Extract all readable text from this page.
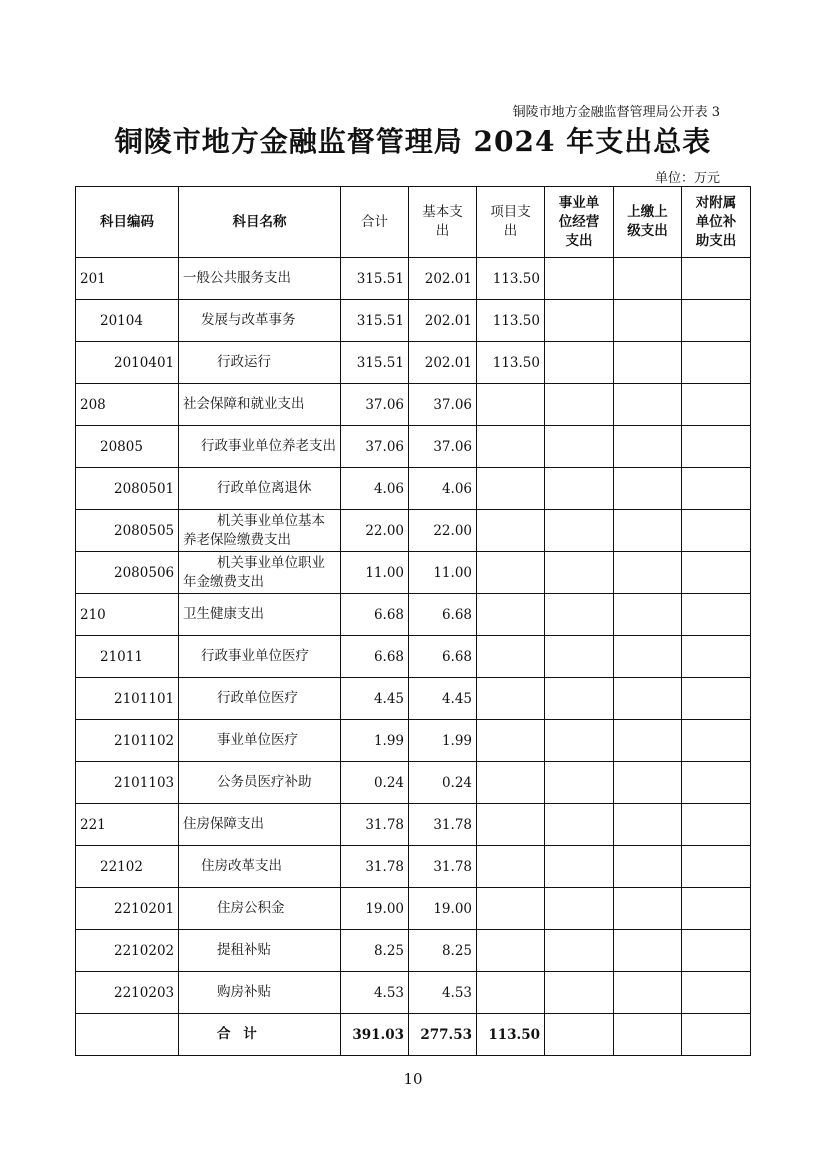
铜陵市地方金融监督管理局公开表 3
铜陵市地方金融监督管理局 2024 年支出总表
单位：万元
科目编码	科目名称	合计	基本支出	项目支出	事业单位经营支出	上缴上级支出	对附属单位补助支出
201	一般公共服务支出	315.51	202.01	113.50			
20104	发展与改革事务	315.51	202.01	113.50			
2010401	行政运行	315.51	202.01	113.50			
208	社会保障和就业支出	37.06	37.06				
20805	行政事业单位养老支出	37.06	37.06				
2080501	行政单位离退休	4.06	4.06				
2080505	机关事业单位基本养老保险缴费支出	22.00	22.00				
2080506	机关事业单位职业年金缴费支出	11.00	11.00				
210	卫生健康支出	6.68	6.68				
21011	行政事业单位医疗	6.68	6.68				
2101101	行政单位医疗	4.45	4.45				
2101102	事业单位医疗	1.99	1.99				
2101103	公务员医疗补助	0.24	0.24				
221	住房保障支出	31.78	31.78				
22102	住房改革支出	31.78	31.78				
2210201	住房公积金	19.00	19.00				
2210202	提租补贴	8.25	8.25				
2210203	购房补贴	4.53	4.53				
	合 计	391.03	277.53	113.50			
10
